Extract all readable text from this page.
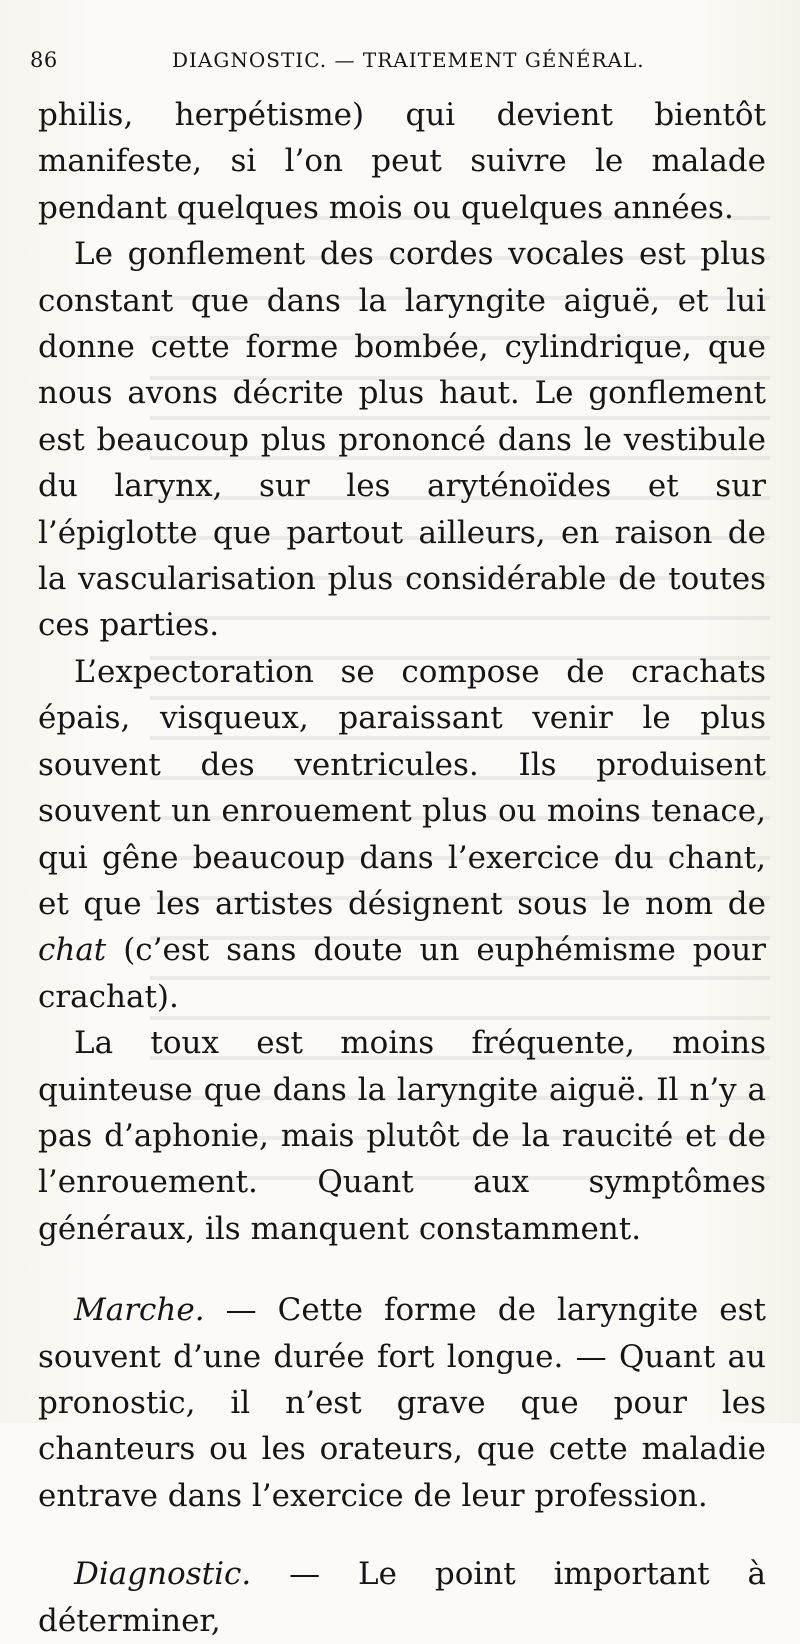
86	DIAGNOSTIC. — TRAITEMENT GÉNÉRAL.

philis, herpétisme) qui devient bientôt manifeste, si l’on peut suivre le malade pendant quelques mois ou quelques années.

Le gonflement des cordes vocales est plus constant que dans la laryngite aiguë, et lui donne cette forme bombée, cylindrique, que nous avons décrite plus haut. Le gonflement est beaucoup plus prononcé dans le vestibule du larynx, sur les aryténoïdes et sur l’épiglotte que partout ailleurs, en raison de la vascularisation plus considérable de toutes ces parties.

L’expectoration se compose de crachats épais, visqueux, paraissant venir le plus souvent des ventricules. Ils produisent souvent un enrouement plus ou moins tenace, qui gêne beaucoup dans l’exercice du chant, et que les artistes désignent sous le nom de chat (c’est sans doute un euphémisme pour crachat).

La toux est moins fréquente, moins quinteuse que dans la laryngite aiguë. Il n’y a pas d’aphonie, mais plutôt de la raucité et de l’enrouement. Quant aux symptômes généraux, ils manquent constamment.

Marche. — Cette forme de laryngite est souvent d’une durée fort longue. — Quant au pronostic, il n’est grave que pour les chanteurs ou les orateurs, que cette maladie entrave dans l’exercice de leur profession.

Diagnostic. — Le point important à déterminer,
